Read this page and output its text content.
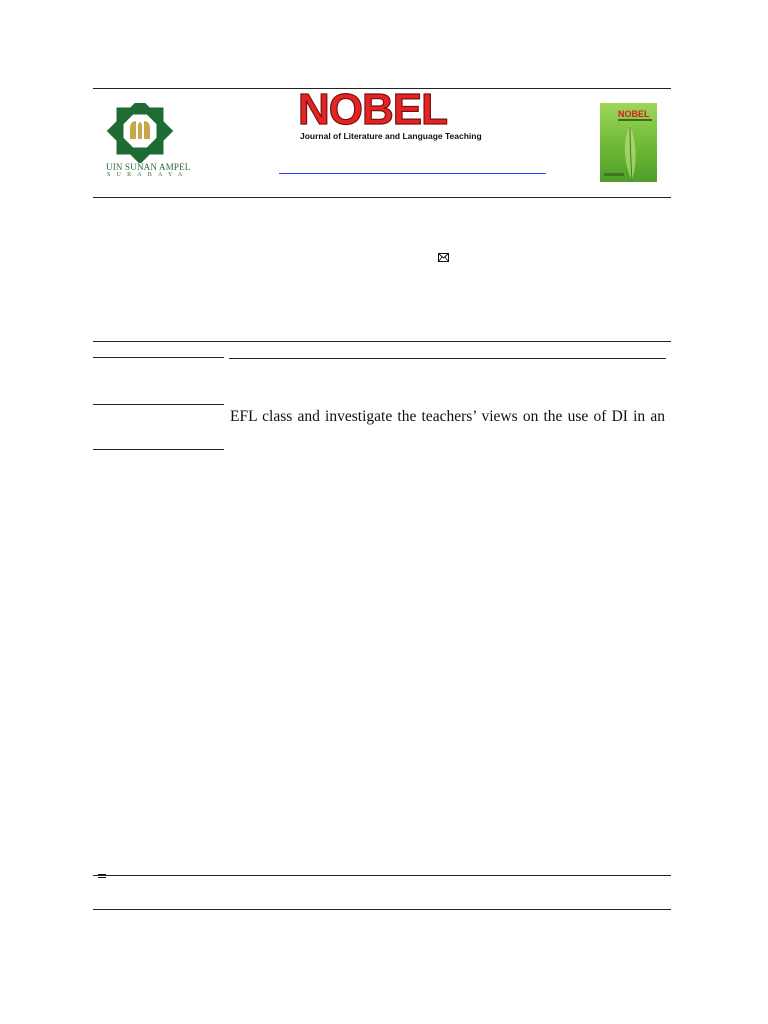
UIN SUNAN AMPEL
SURABAYA
NOBEL
Journal of Literature and Language Teaching
NOBEL
EFL class and investigate the teachers’ views on the use of DI in an
